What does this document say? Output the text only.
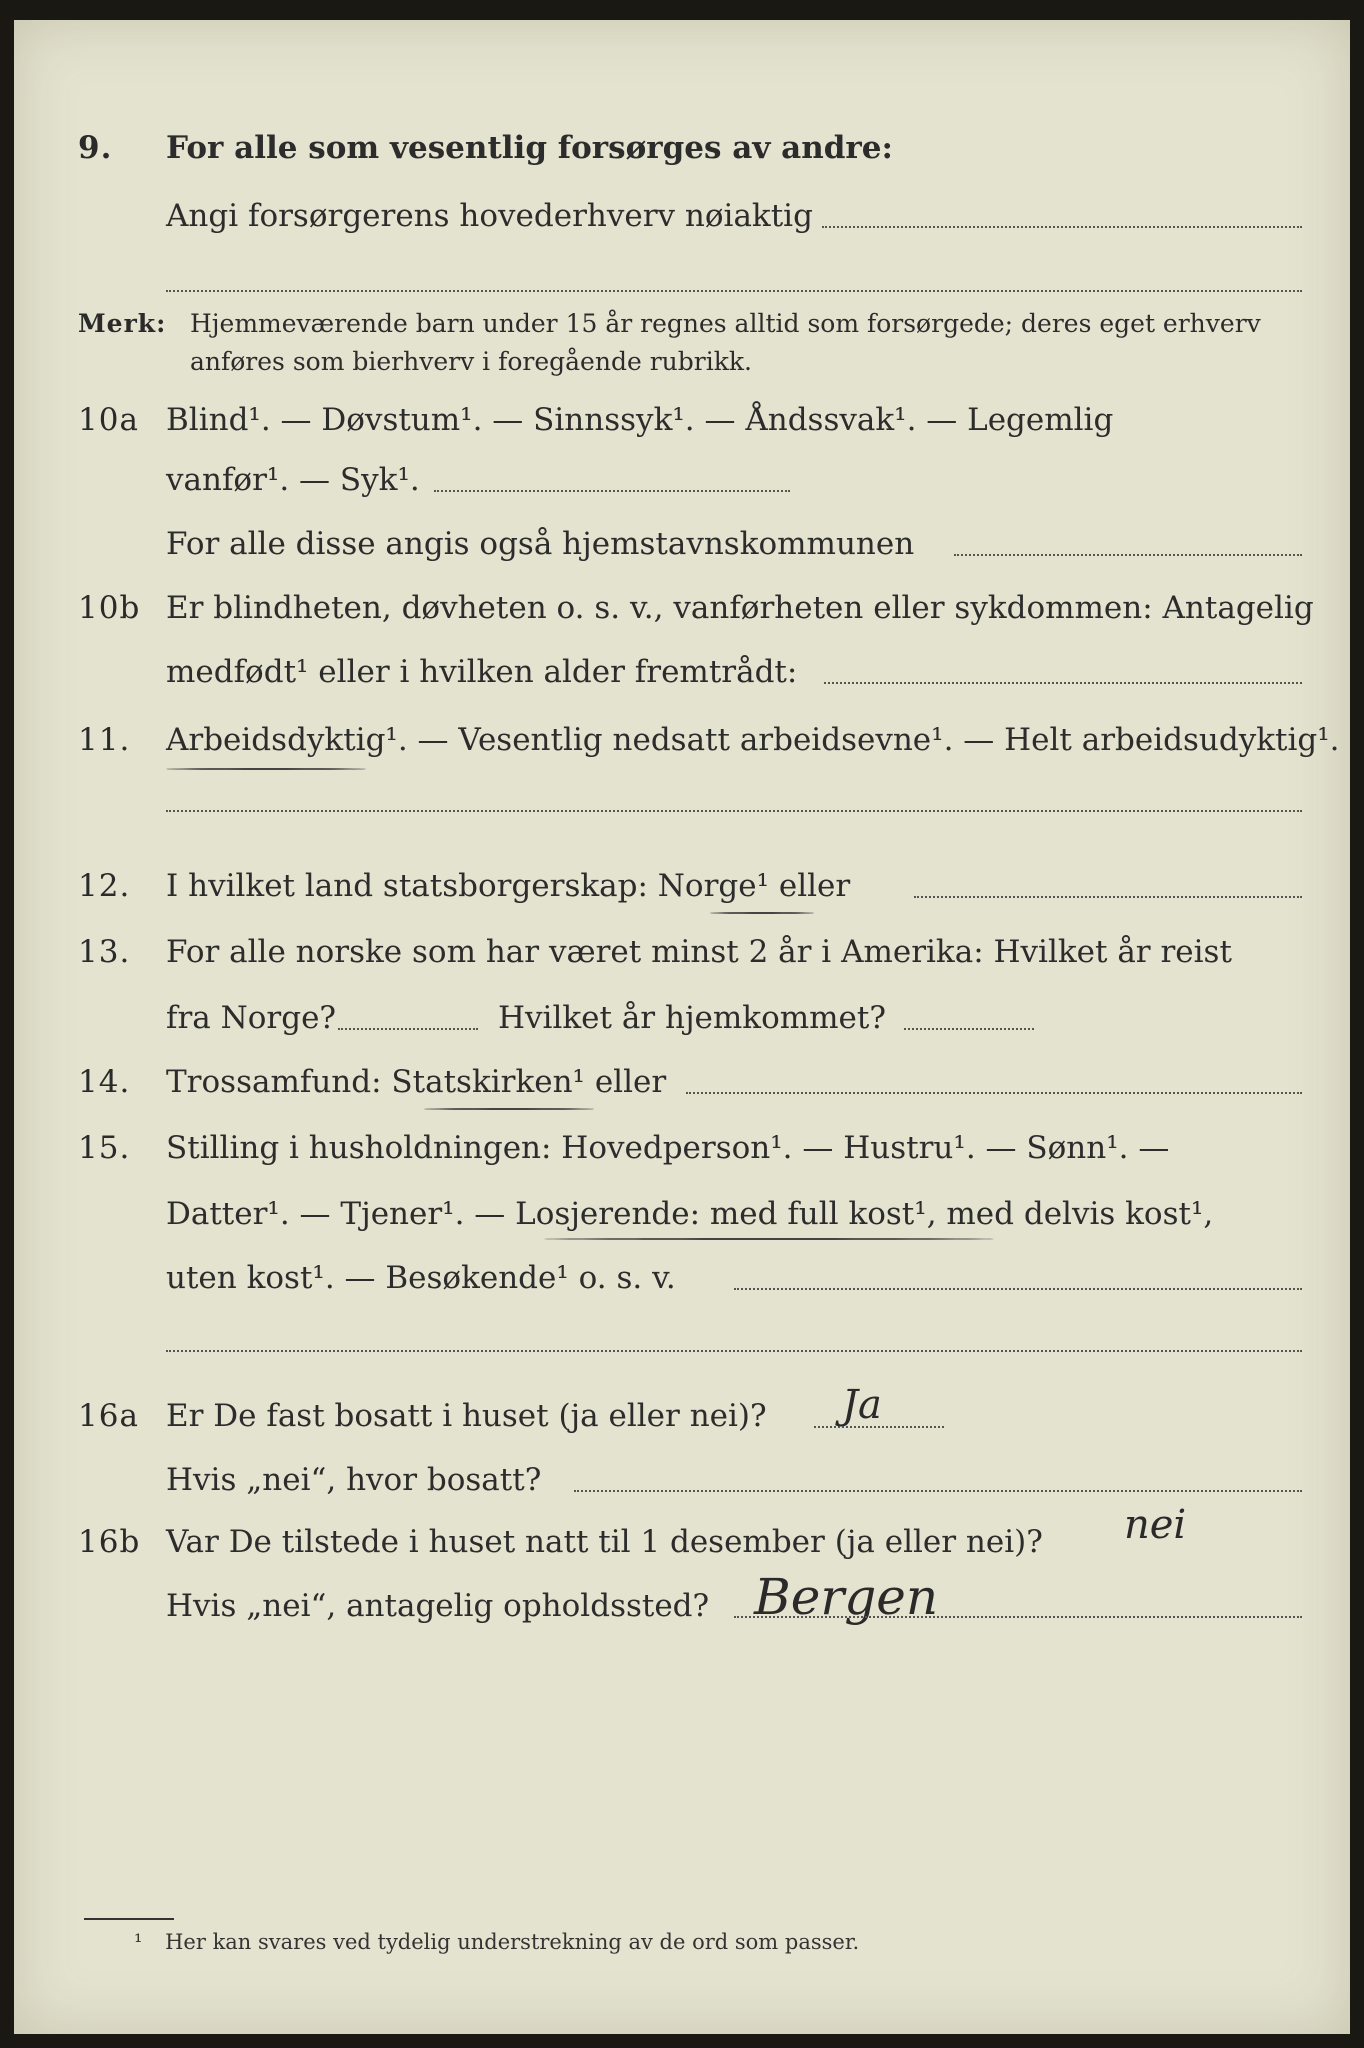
9.	For alle som vesentlig forsørges av andre:
Angi forsørgerens hovederhverv nøiaktig
Merk: Hjemmeværende barn under 15 år regnes alltid som forsørgede; deres eget erhverv
anføres som bierhverv i foregående rubrikk.
10a Blind¹. — Døvstum¹. — Sinnssyk¹. — Åndssvak¹. — Legemlig
vanfør¹. — Syk¹.
For alle disse angis også hjemstavnskommunen
10b Er blindheten, døvheten o. s. v., vanførheten eller sykdommen: Antagelig
medfødt¹ eller i hvilken alder fremtrådt:
11.	Arbeidsdyktig¹. — Vesentlig nedsatt arbeidsevne¹. — Helt arbeidsudyktig¹.
12.	I hvilket land statsborgerskap: Norge¹ eller
13.	For alle norske som har været minst 2 år i Amerika: Hvilket år reist
fra Norge?	Hvilket år hjemkommet?
14.	Trossamfund: Statskirken¹ eller
15.	Stilling i husholdningen: Hovedperson¹. — Hustru¹. — Sønn¹. —
Datter¹. — Tjener¹. — Losjerende: med full kost¹, med delvis kost¹,
uten kost¹. — Besøkende¹ o. s. v.
16a Er De fast bosatt i huset (ja eller nei)?	Ja
Hvis „nei“, hvor bosatt?
16b Var De tilstede i huset natt til 1 desember (ja eller nei)?	nei
Hvis „nei“, antagelig opholdssted? Bergen
¹ Her kan svares ved tydelig understrekning av de ord som passer.
